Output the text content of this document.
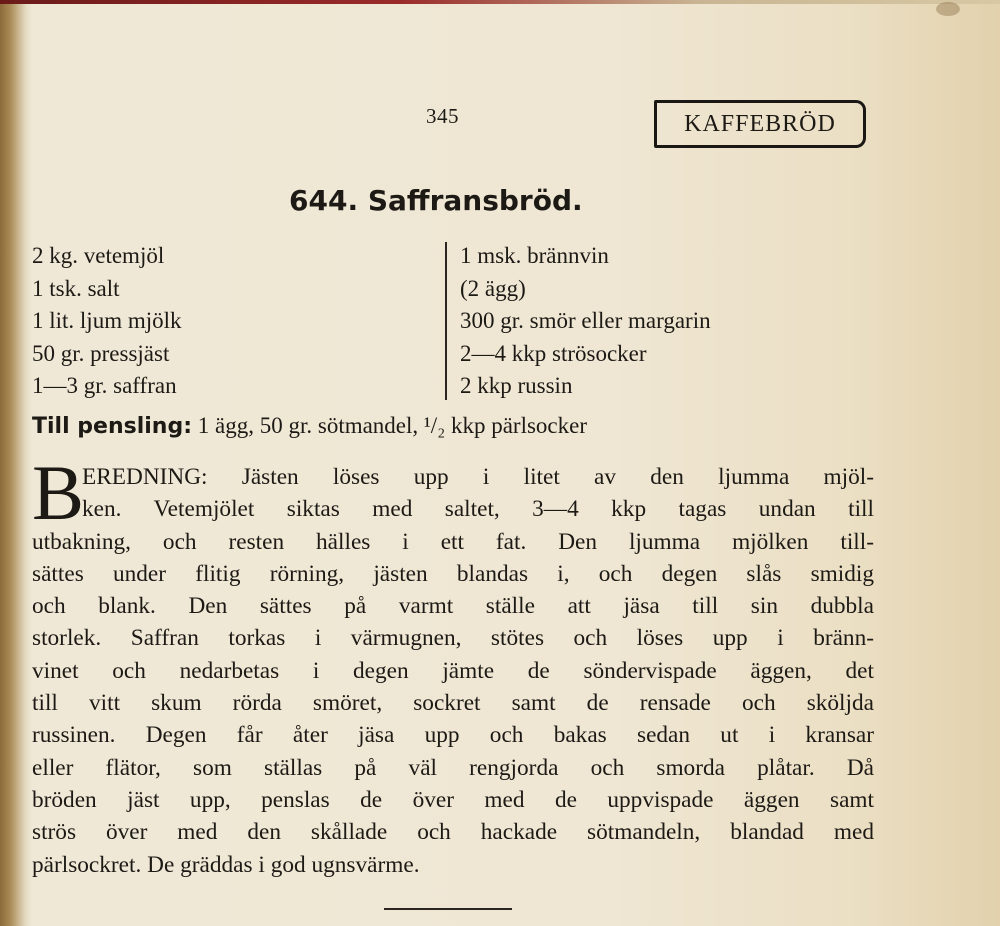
345	KAFFEBRÖD
644. Saffransbröd.
2 kg. vetemjöl
1 tsk. salt
1 lit. ljum mjölk
50 gr. pressjäst
1—3 gr. saffran
1 msk. brännvin
(2 ägg)
300 gr. smör eller margarin
2—4 kkp strösocker
2 kkp russin
Till pensling: 1 ägg, 50 gr. sötmandel, ¹/₂ kkp pärlsocker
B
EREDNING: Jästen löses upp i litet av den ljumma mjöl-
ken. Vetemjölet siktas med saltet, 3—4 kkp tagas undan till
utbakning, och resten hälles i ett fat. Den ljumma mjölken till-
sättes under flitig rörning, jästen blandas i, och degen slås smidig
och blank. Den sättes på varmt ställe att jäsa till sin dubbla
storlek. Saffran torkas i värmugnen, stötes och löses upp i bränn-
vinet och nedarbetas i degen jämte de söndervispade äggen, det
till vitt skum rörda smöret, sockret samt de rensade och sköljda
russinen. Degen får åter jäsa upp och bakas sedan ut i kransar
eller flätor, som ställas på väl rengjorda och smorda plåtar. Då
bröden jäst upp, penslas de över med de uppvispade äggen samt
strös över med den skållade och hackade sötmandeln, blandad med
pärlsockret. De gräddas i god ugnsvärme.
